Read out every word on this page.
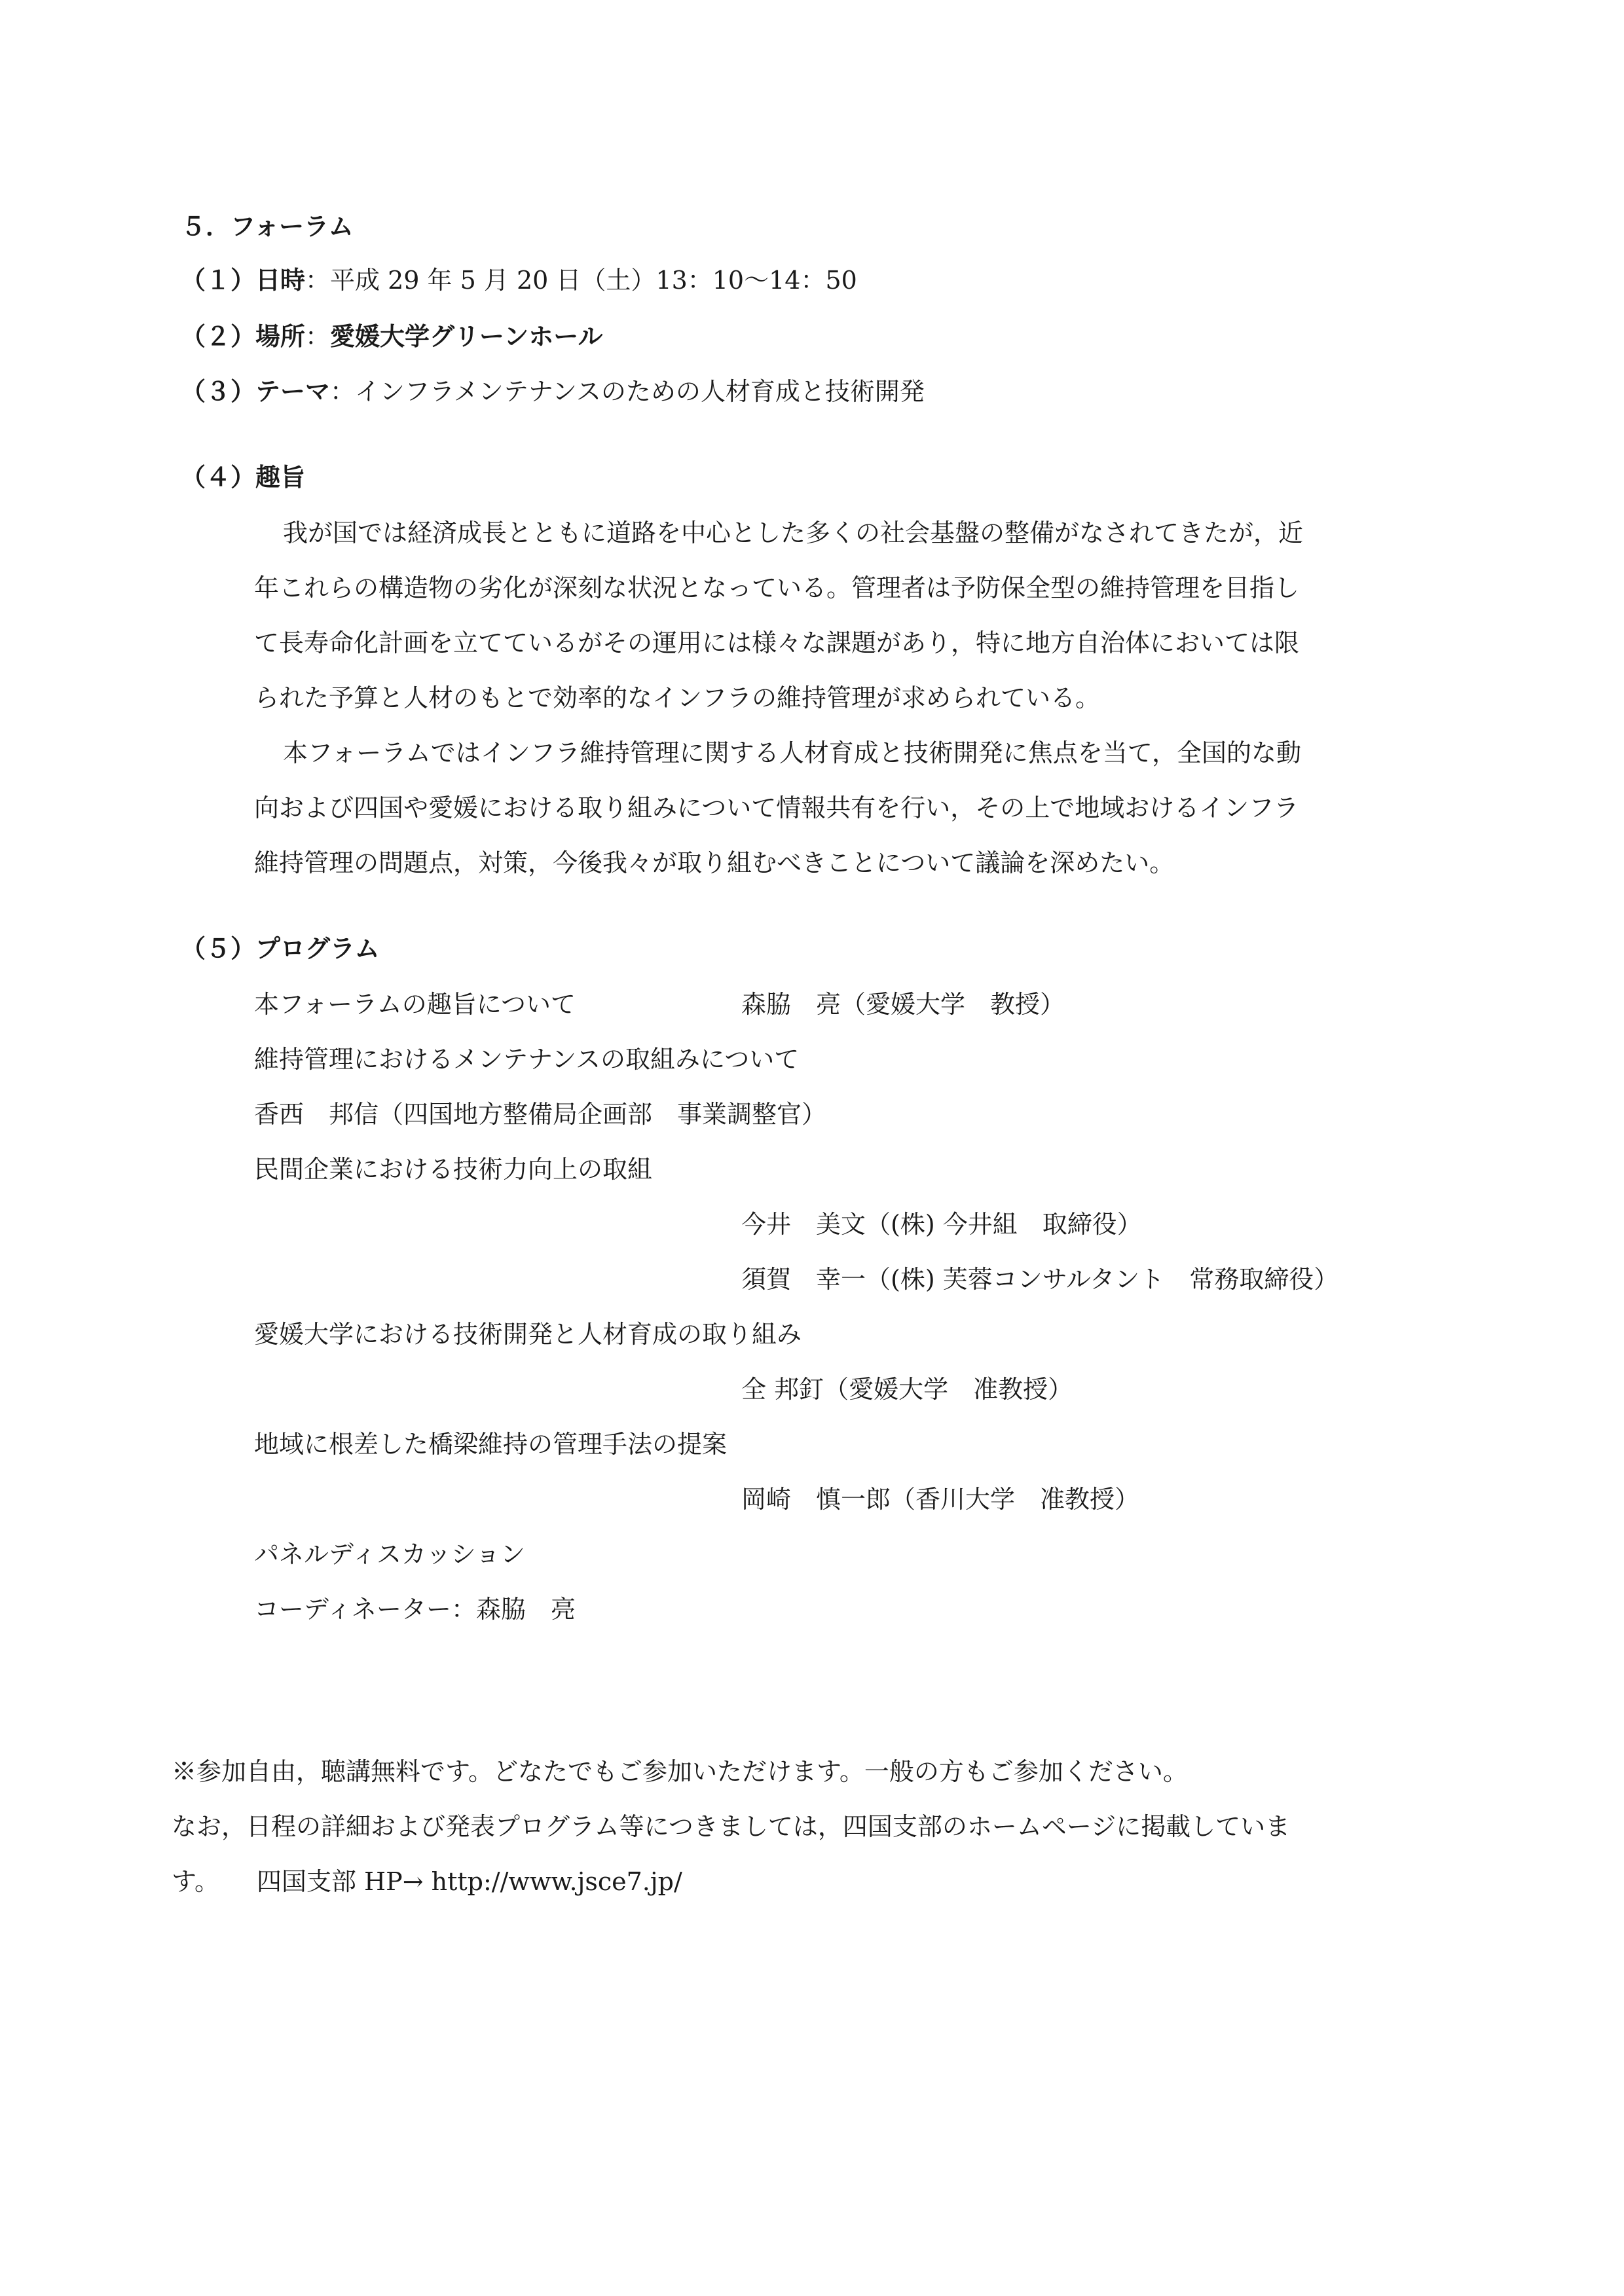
５．フォーラム
（１）日時：平成 29 年 5 月 20 日（土）13：10〜14：50
（２）場所：愛媛大学グリーンホール
（３）テーマ：インフラメンテナンスのための人材育成と技術開発
（４）趣旨
我が国では経済成長とともに道路を中心とした多くの社会基盤の整備がなされてきたが，近
年これらの構造物の劣化が深刻な状況となっている。管理者は予防保全型の維持管理を目指し
て長寿命化計画を立てているがその運用には様々な課題があり，特に地方自治体においては限
られた予算と人材のもとで効率的なインフラの維持管理が求められている。
本フォーラムではインフラ維持管理に関する人材育成と技術開発に焦点を当て，全国的な動
向および四国や愛媛における取り組みについて情報共有を行い，その上で地域おけるインフラ
維持管理の問題点，対策，今後我々が取り組むべきことについて議論を深めたい。
（５）プログラム
本フォーラムの趣旨について	森脇　亮（愛媛大学　教授）
維持管理におけるメンテナンスの取組みについて
香西　邦信（四国地方整備局企画部　事業調整官）
民間企業における技術力向上の取組
今井　美文（(株) 今井組　取締役）
須賀　幸一（(株) 芙蓉コンサルタント　常務取締役）
愛媛大学における技術開発と人材育成の取り組み
全 邦釘（愛媛大学　准教授）
地域に根差した橋梁維持の管理手法の提案
岡崎　慎一郎（香川大学　准教授）
パネルディスカッション
コーディネーター：森脇　亮
※参加自由，聴講無料です。どなたでもご参加いただけます。一般の方もご参加ください。
なお，日程の詳細および発表プログラム等につきましては，四国支部のホームページに掲載していま
す。　　四国支部 HP→ http://www.jsce7.jp/
